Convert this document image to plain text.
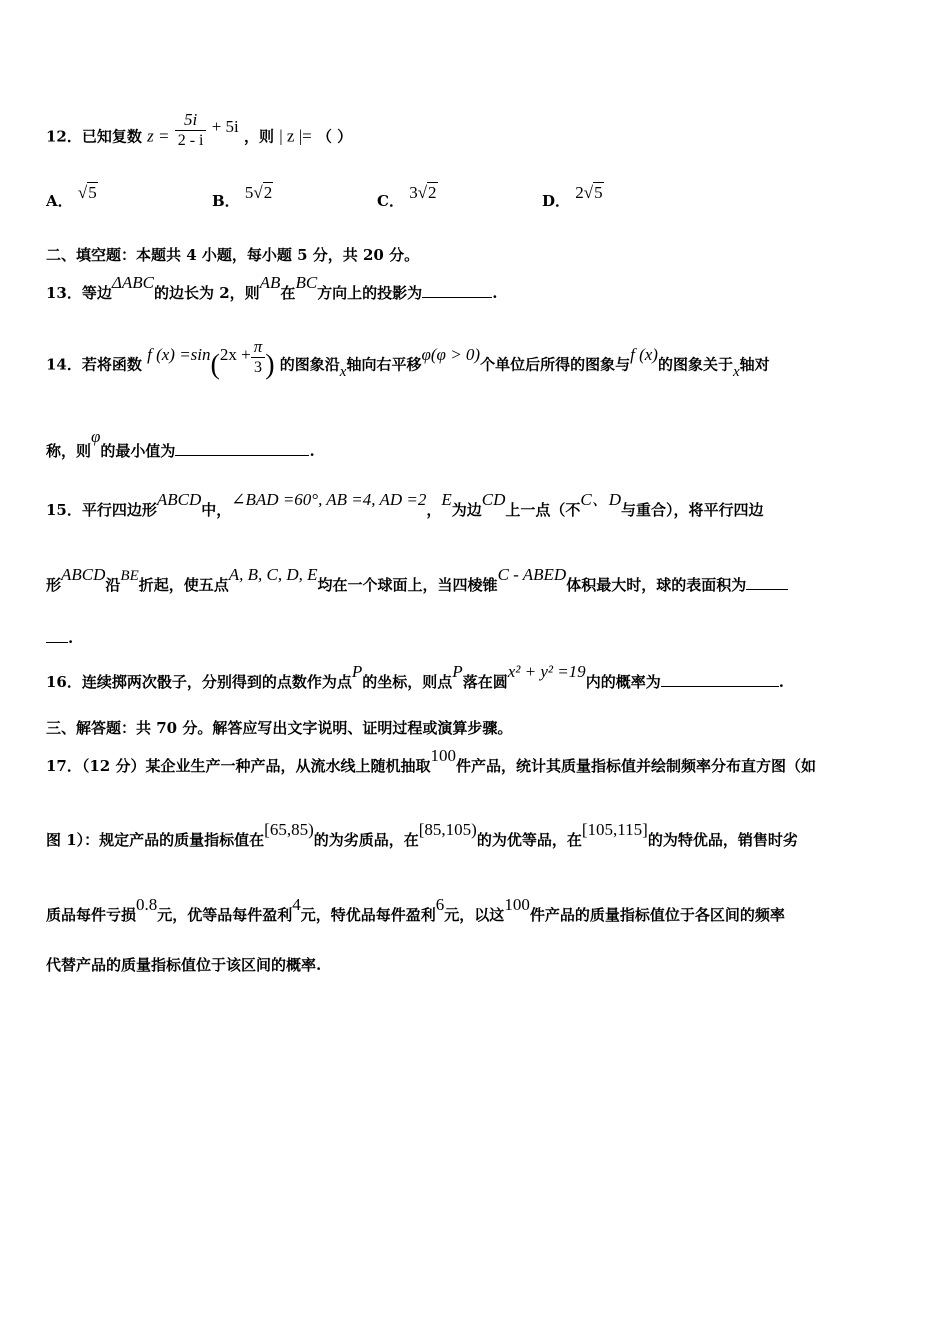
12．已知复数 $z = \frac{5i}{2 - i} + 5i$ ，则 | z |= （ ）
A． √5	B． 5√2	C． 3√2	D． 2√5
二、填空题：本题共 4 小题，每小题 5 分，共 20 分。
13．等边ΔABC的边长为 2，则AB在BC方向上的投影为	.
14．若将函数 f $(x) =\sin(2x + \frac{\pi}{3}$ ) 的图象沿x轴向右平移φ(φ > 0)个单位后所得的图象与f (x)的图象关于x轴对
称，则φ的最小值为	.
15．平行四边形ABCD中，∠BAD =60°, AB =4, AD =2，E为边CD上一点（不C、D与重合），将平行四边
形ABCD沿BE折起，使五点A, B, C, D, E均在一个球面上，当四棱锥C - ABED体积最大时，球的表面积为
.
16．连续掷两次骰子，分别得到的点数作为点P的坐标，则点P落在圆x² + y² =19内的概率为	.
三、解答题：共 70 分。解答应写出文字说明、证明过程或演算步骤。
17．（12 分）某企业生产一种产品，从流水线上随机抽取100件产品，统计其质量指标值并绘制频率分布直方图（如
图 1）：规定产品的质量指标值在[65,85)的为劣质品，在[85,105)的为优等品，在[105,115]的为特优品，销售时劣
质品每件亏损0.8元，优等品每件盈利4元，特优品每件盈利6元，以这100件产品的质量指标值位于各区间的频率
代替产品的质量指标值位于该区间的概率.
